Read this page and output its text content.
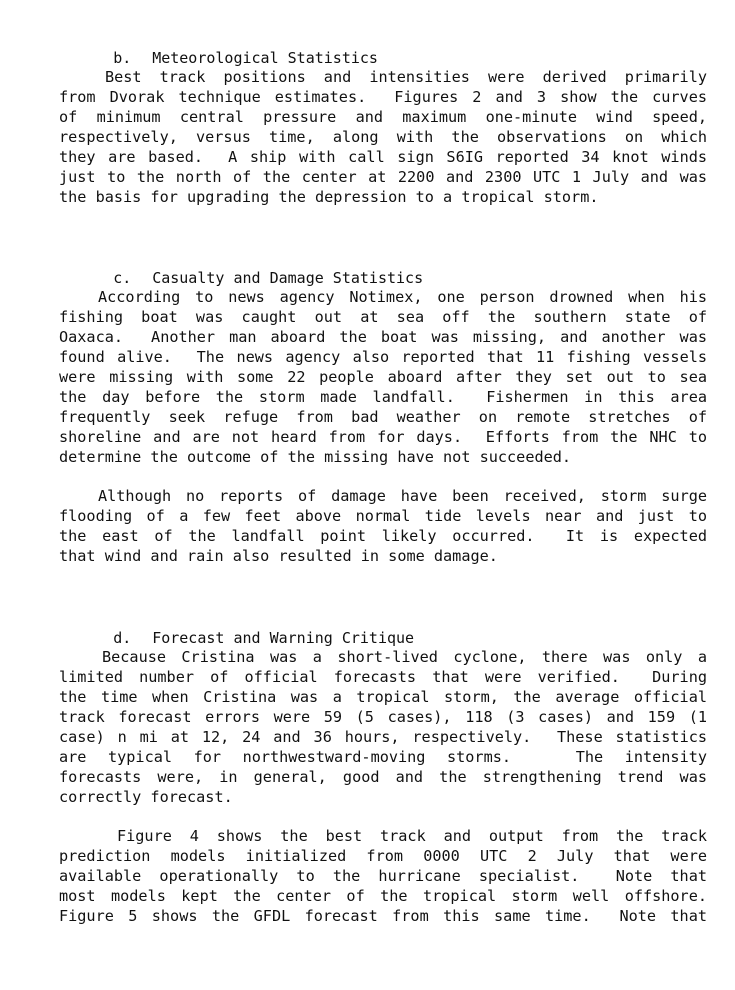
b. Meteorological Statistics

Best track positions and intensities were derived primarily
from Dvorak technique estimates.  Figures 2 and 3 show the curves
of minimum central pressure and maximum one-minute wind speed,
respectively, versus time, along with the observations on which
they are based.  A ship with call sign S6IG reported 34 knot winds
just to the north of the center at 2200 and 2300 UTC 1 July and was
the basis for upgrading the depression to a tropical storm.

c. Casualty and Damage Statistics

According to news agency Notimex, one person drowned when his
fishing boat was caught out at sea off the southern state of
Oaxaca.  Another man aboard the boat was missing, and another was
found alive.  The news agency also reported that 11 fishing vessels
were missing with some 22 people aboard after they set out to sea
the day before the storm made landfall.  Fishermen in this area
frequently seek refuge from bad weather on remote stretches of
shoreline and are not heard from for days.  Efforts from the NHC to
determine the outcome of the missing have not succeeded.
Although no reports of damage have been received, storm surge
flooding of a few feet above normal tide levels near and just to
the east of the landfall point likely occurred.  It is expected
that wind and rain also resulted in some damage.

d. Forecast and Warning Critique

Because Cristina was a short-lived cyclone, there was only a
limited number of official forecasts that were verified.  During
the time when Cristina was a tropical storm, the average official
track forecast errors were 59 (5 cases), 118 (3 cases) and 159 (1
case) n mi at 12, 24 and 36 hours, respectively.  These statistics
are typical for northwestward-moving storms.   The intensity
forecasts were, in general, good and the strengthening trend was
correctly forecast.
Figure 4 shows the best track and output from the track
prediction models initialized from 0000 UTC 2 July that were
available operationally to the hurricane specialist.  Note that
most models kept the center of the tropical storm well offshore.
Figure 5 shows the GFDL forecast from this same time.  Note that
